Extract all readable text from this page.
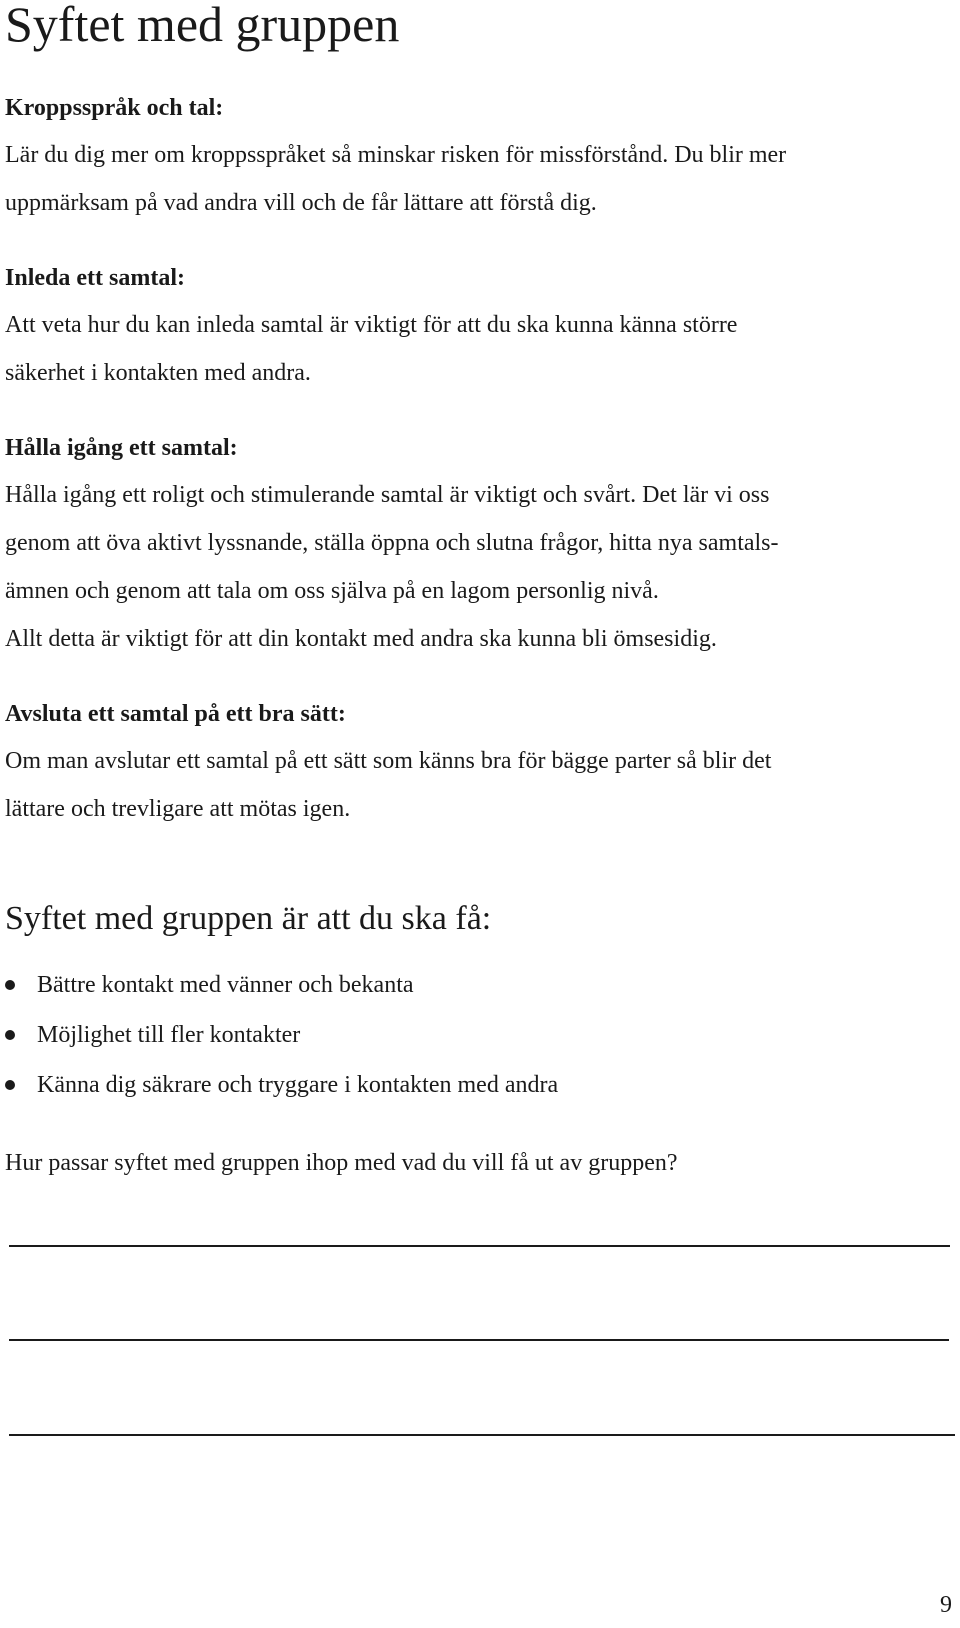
Syftet med gruppen
Kroppsspråk och tal:

Lär du dig mer om kroppsspråket så minskar risken för missförstånd. Du blir mer

uppmärksam på vad andra vill och de får lättare att förstå dig.

Inleda ett samtal:

Att veta hur du kan inleda samtal är viktigt för att du ska kunna känna större

säkerhet i kontakten med andra.

Hålla igång ett samtal:

Hålla igång ett roligt och stimulerande samtal är viktigt och svårt. Det lär vi oss

genom att öva aktivt lyssnande, ställa öppna och slutna frågor, hitta nya samtals-

ämnen och genom att tala om oss själva på en lagom personlig nivå.

Allt detta är viktigt för att din kontakt med andra ska kunna bli ömsesidig.

Avsluta ett samtal på ett bra sätt:

Om man avslutar ett samtal på ett sätt som känns bra för bägge parter så blir det

lättare och trevligare att mötas igen.

Syftet med gruppen är att du ska få:
Bättre kontakt med vänner och bekanta
Möjlighet till fler kontakter
Känna dig säkrare och tryggare i kontakten med andra

Hur passar syftet med gruppen ihop med vad du vill få ut av gruppen?

9
